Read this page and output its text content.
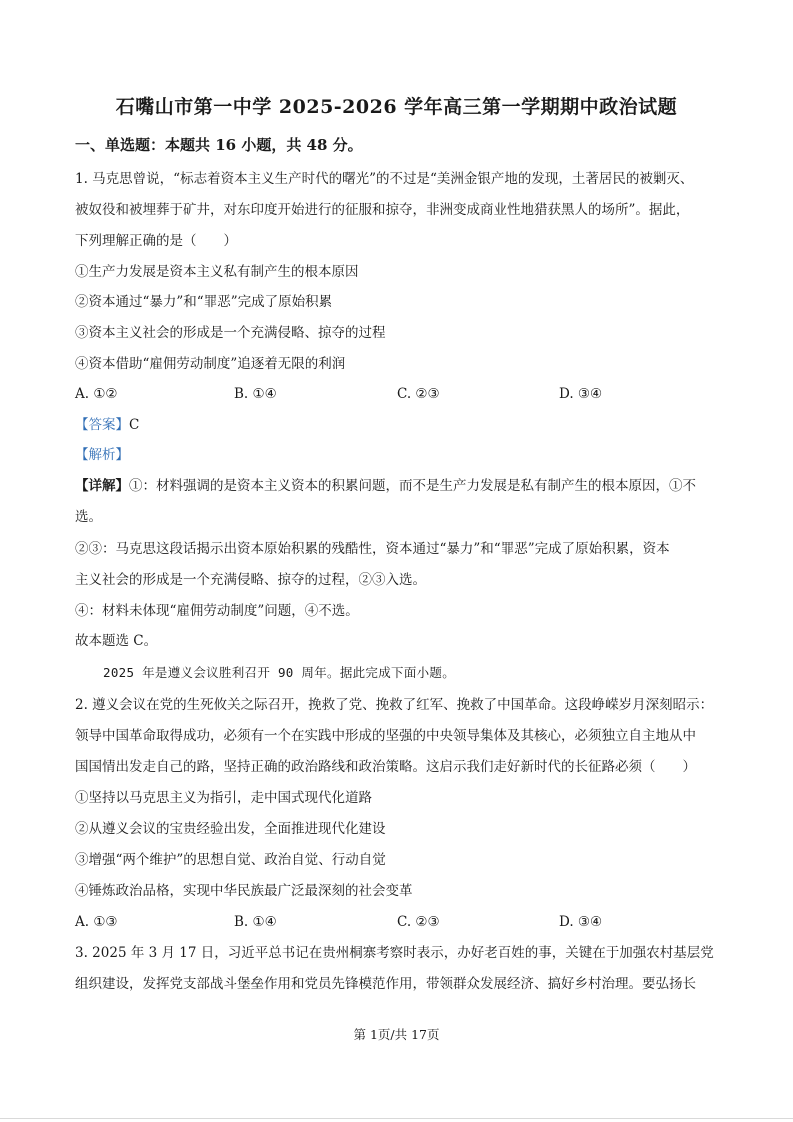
石嘴山市第一中学 2025-2026 学年高三第一学期期中政治试题
一、单选题：本题共 16 小题，共 48 分。
1. 马克思曾说，“标志着资本主义生产时代的曙光”的不过是“美洲金银产地的发现，土著居民的被剿灭、
被奴役和被埋葬于矿井，对东印度开始进行的征服和掠夺，非洲变成商业性地猎获黑人的场所”。据此，
下列理解正确的是（　　）
①生产力发展是资本主义私有制产生的根本原因
②资本通过“暴力”和“罪恶”完成了原始积累
③资本主义社会的形成是一个充满侵略、掠夺的过程
④资本借助“雇佣劳动制度”追逐着无限的利润
A. ①②	B. ①④	C. ②③	D. ③④
【答案】C
【解析】
【详解】①：材料强调的是资本主义资本的积累问题，而不是生产力发展是私有制产生的根本原因，①不
选。
②③：马克思这段话揭示出资本原始积累的残酷性，资本通过“暴力”和“罪恶”完成了原始积累，资本
主义社会的形成是一个充满侵略、掠夺的过程，②③入选。
④：材料未体现“雇佣劳动制度”问题，④不选。
故本题选 C。
2025 年是遵义会议胜利召开 90 周年。据此完成下面小题。
2. 遵义会议在党的生死攸关之际召开，挽救了党、挽救了红军、挽救了中国革命。这段峥嵘岁月深刻昭示：
领导中国革命取得成功，必须有一个在实践中形成的坚强的中央领导集体及其核心，必须独立自主地从中
国国情出发走自己的路，坚持正确的政治路线和政治策略。这启示我们走好新时代的长征路必须（　　）
①坚持以马克思主义为指引，走中国式现代化道路
②从遵义会议的宝贵经验出发，全面推进现代化建设
③增强“两个维护”的思想自觉、政治自觉、行动自觉
④锤炼政治品格，实现中华民族最广泛最深刻的社会变革
A. ①③	B. ①④	C. ②③	D. ③④
3. 2025 年 3 月 17 日，习近平总书记在贵州桐寨考察时表示，办好老百姓的事，关键在于加强农村基层党
组织建设，发挥党支部战斗堡垒作用和党员先锋模范作用，带领群众发展经济、搞好乡村治理。要弘扬长
第 1页/共 17页
